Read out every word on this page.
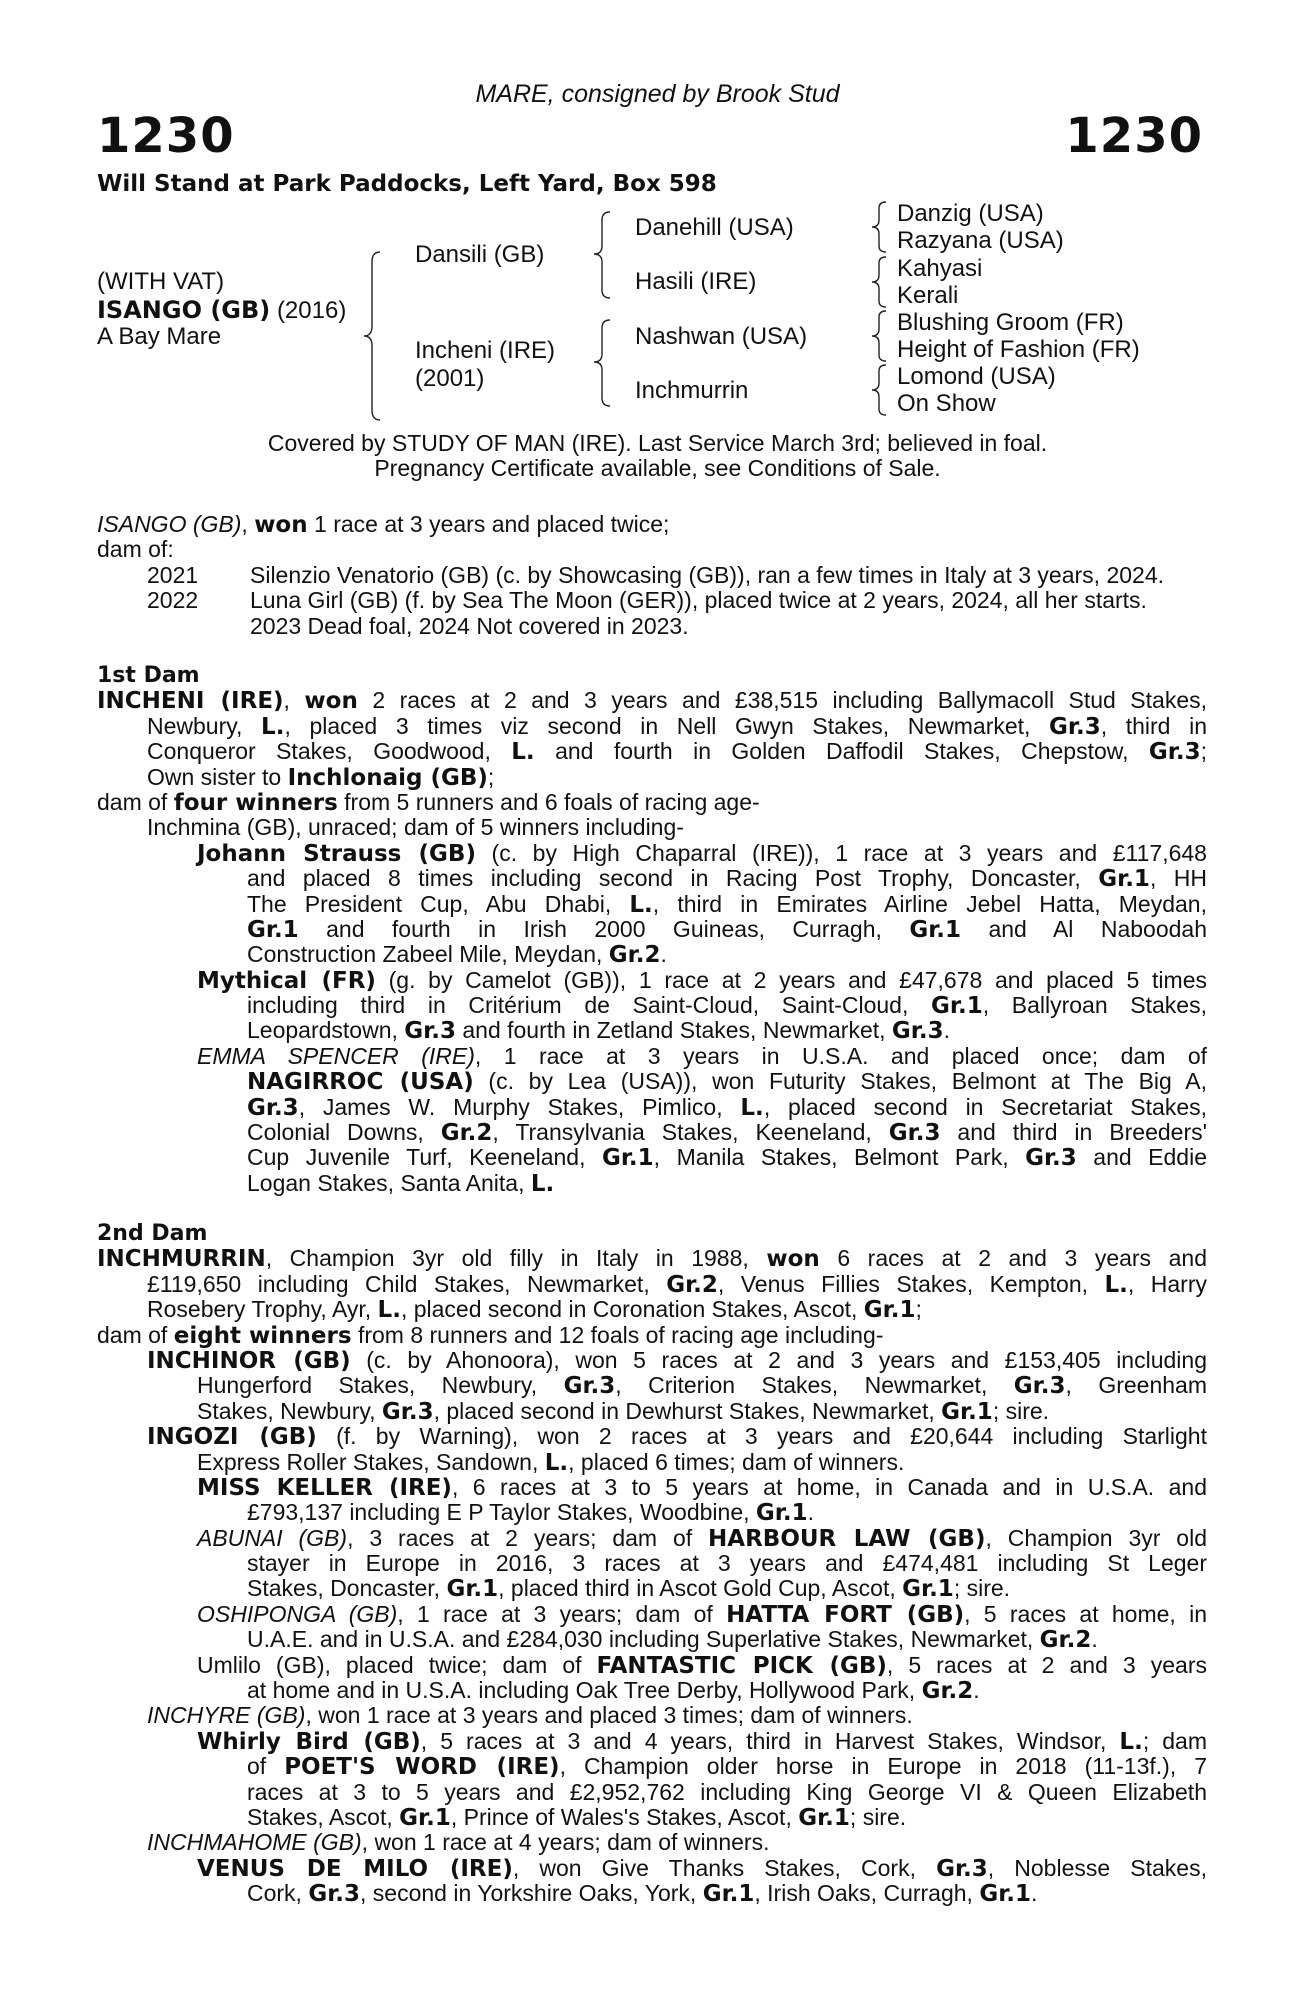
MARE, consigned by Brook Stud
1230	1230
Will Stand at Park Paddocks, Left Yard, Box 598
(WITH VAT)
ISANGO (GB) (2016)
A Bay Mare
Dansili (GB)
Incheni (IRE)
(2001)
Danehill (USA)
Hasili (IRE)
Nashwan (USA)
Inchmurrin
Danzig (USA)
Razyana (USA)
Kahyasi
Kerali
Blushing Groom (FR)
Height of Fashion (FR)
Lomond (USA)
On Show
Covered by STUDY OF MAN (IRE). Last Service March 3rd; believed in foal.
Pregnancy Certificate available, see Conditions of Sale.
ISANGO (GB), won 1 race at 3 years and placed twice;
dam of:
2021	Silenzio Venatorio (GB) (c. by Showcasing (GB)), ran a few times in Italy at 3 years, 2024.
2022	Luna Girl (GB) (f. by Sea The Moon (GER)), placed twice at 2 years, 2024, all her starts.
2023 Dead foal, 2024 Not covered in 2023.
1st Dam
INCHENI (IRE), won 2 races at 2 and 3 years and £38,515 including Ballymacoll Stud Stakes,
Newbury, L., placed 3 times viz second in Nell Gwyn Stakes, Newmarket, Gr.3, third in
Conqueror Stakes, Goodwood, L. and fourth in Golden Daffodil Stakes, Chepstow, Gr.3;
Own sister to Inchlonaig (GB);
dam of four winners from 5 runners and 6 foals of racing age-
Inchmina (GB), unraced; dam of 5 winners including-
Johann Strauss (GB) (c. by High Chaparral (IRE)), 1 race at 3 years and £117,648
and placed 8 times including second in Racing Post Trophy, Doncaster, Gr.1, HH
The President Cup, Abu Dhabi, L., third in Emirates Airline Jebel Hatta, Meydan,
Gr.1 and fourth in Irish 2000 Guineas, Curragh, Gr.1 and Al Naboodah
Construction Zabeel Mile, Meydan, Gr.2.
Mythical (FR) (g. by Camelot (GB)), 1 race at 2 years and £47,678 and placed 5 times
including third in Critérium de Saint-Cloud, Saint-Cloud, Gr.1, Ballyroan Stakes,
Leopardstown, Gr.3 and fourth in Zetland Stakes, Newmarket, Gr.3.
EMMA SPENCER (IRE), 1 race at 3 years in U.S.A. and placed once; dam of
NAGIRROC (USA) (c. by Lea (USA)), won Futurity Stakes, Belmont at The Big A,
Gr.3, James W. Murphy Stakes, Pimlico, L., placed second in Secretariat Stakes,
Colonial Downs, Gr.2, Transylvania Stakes, Keeneland, Gr.3 and third in Breeders'
Cup Juvenile Turf, Keeneland, Gr.1, Manila Stakes, Belmont Park, Gr.3 and Eddie
Logan Stakes, Santa Anita, L.
2nd Dam
INCHMURRIN, Champion 3yr old filly in Italy in 1988, won 6 races at 2 and 3 years and
£119,650 including Child Stakes, Newmarket, Gr.2, Venus Fillies Stakes, Kempton, L., Harry
Rosebery Trophy, Ayr, L., placed second in Coronation Stakes, Ascot, Gr.1;
dam of eight winners from 8 runners and 12 foals of racing age including-
INCHINOR (GB) (c. by Ahonoora), won 5 races at 2 and 3 years and £153,405 including
Hungerford Stakes, Newbury, Gr.3, Criterion Stakes, Newmarket, Gr.3, Greenham
Stakes, Newbury, Gr.3, placed second in Dewhurst Stakes, Newmarket, Gr.1; sire.
INGOZI (GB) (f. by Warning), won 2 races at 3 years and £20,644 including Starlight
Express Roller Stakes, Sandown, L., placed 6 times; dam of winners.
MISS KELLER (IRE), 6 races at 3 to 5 years at home, in Canada and in U.S.A. and
£793,137 including E P Taylor Stakes, Woodbine, Gr.1.
ABUNAI (GB), 3 races at 2 years; dam of HARBOUR LAW (GB), Champion 3yr old
stayer in Europe in 2016, 3 races at 3 years and £474,481 including St Leger
Stakes, Doncaster, Gr.1, placed third in Ascot Gold Cup, Ascot, Gr.1; sire.
OSHIPONGA (GB), 1 race at 3 years; dam of HATTA FORT (GB), 5 races at home, in
U.A.E. and in U.S.A. and £284,030 including Superlative Stakes, Newmarket, Gr.2.
Umlilo (GB), placed twice; dam of FANTASTIC PICK (GB), 5 races at 2 and 3 years
at home and in U.S.A. including Oak Tree Derby, Hollywood Park, Gr.2.
INCHYRE (GB), won 1 race at 3 years and placed 3 times; dam of winners.
Whirly Bird (GB), 5 races at 3 and 4 years, third in Harvest Stakes, Windsor, L.; dam
of POET'S WORD (IRE), Champion older horse in Europe in 2018 (11-13f.), 7
races at 3 to 5 years and £2,952,762 including King George VI & Queen Elizabeth
Stakes, Ascot, Gr.1, Prince of Wales's Stakes, Ascot, Gr.1; sire.
INCHMAHOME (GB), won 1 race at 4 years; dam of winners.
VENUS DE MILO (IRE), won Give Thanks Stakes, Cork, Gr.3, Noblesse Stakes,
Cork, Gr.3, second in Yorkshire Oaks, York, Gr.1, Irish Oaks, Curragh, Gr.1.
